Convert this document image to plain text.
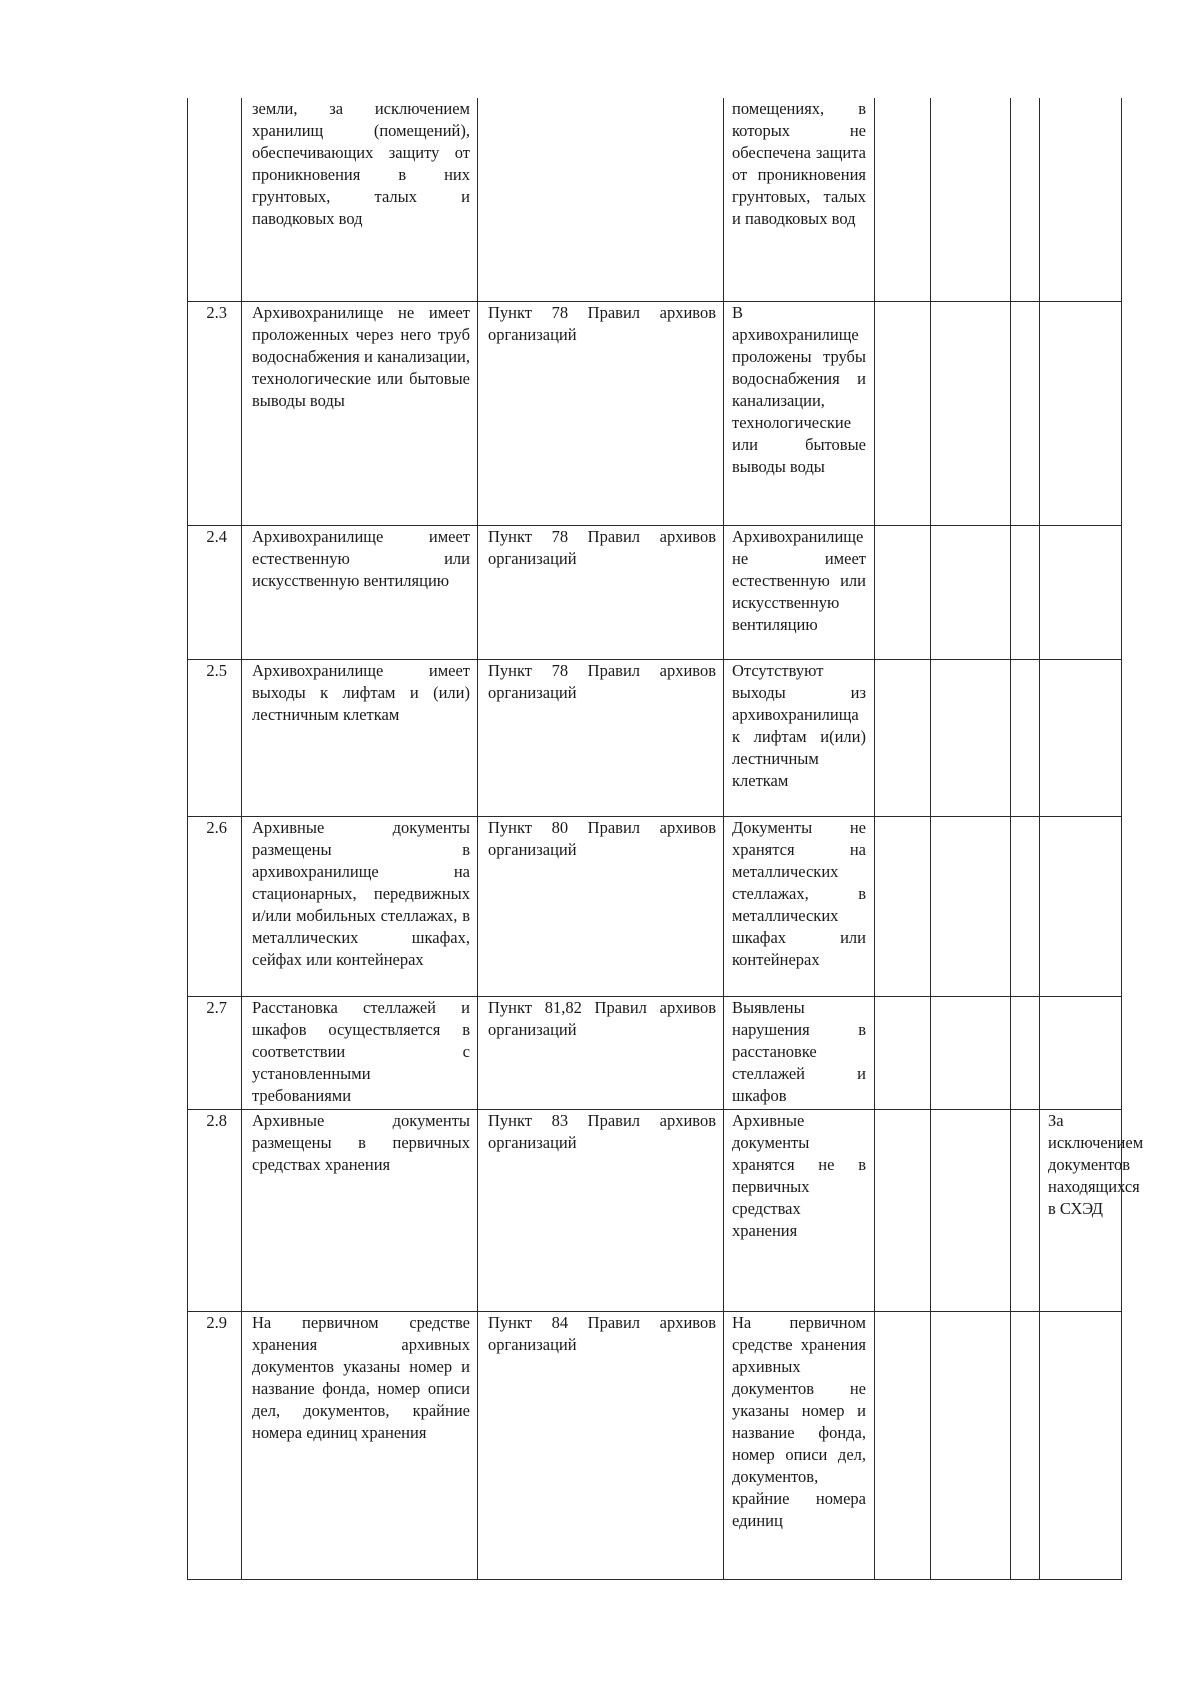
	земли, за исключением хранилищ (помещений), обеспечивающих защиту от проникновения в них грунтовых, талых и паводковых вод		помещениях, в которых не обеспечена защита от проникновения грунтовых, талых и паводковых вод				
2.3	Архивохранилище не имеет проложенных через него труб водоснабжения и канализации, технологические или бытовые выводы воды	Пункт 78 Правил архивов организаций	В архивохранилище проложены трубы водоснабжения и канализации, технологические или бытовые выводы воды				
2.4	Архивохранилище имеет естественную или искусственную вентиляцию	Пункт 78 Правил архивов организаций	Архивохранилище не имеет естественную или искусственную вентиляцию				
2.5	Архивохранилище имеет выходы к лифтам и (или) лестничным клеткам	Пункт 78 Правил архивов организаций	Отсутствуют выходы из архивохранилища к лифтам и(или) лестничным клеткам				
2.6	Архивные документы размещены в архивохранилище на стационарных, передвижных и/или мобильных стеллажах, в металлических шкафах, сейфах или контейнерах	Пункт 80 Правил архивов организаций	Документы не хранятся на металлических стеллажах, в металлических шкафах или контейнерах				
2.7	Расстановка стеллажей и шкафов осуществляется в соответствии с установленными требованиями	Пункт 81,82 Правил архивов организаций	Выявлены нарушения в расстановке стеллажей и шкафов				
2.8	Архивные документы размещены в первичных средствах хранения	Пункт 83 Правил архивов организаций	Архивные документы хранятся не в первичных средствах хранения				За исключением документов находящихся в СХЭД
2.9	На первичном средстве хранения архивных документов указаны номер и название фонда, номер описи дел, документов, крайние номера единиц хранения	Пункт 84 Правил архивов организаций	На первичном средстве хранения архивных документов не указаны номер и название фонда, номер описи дел, документов, крайние номера единиц				
